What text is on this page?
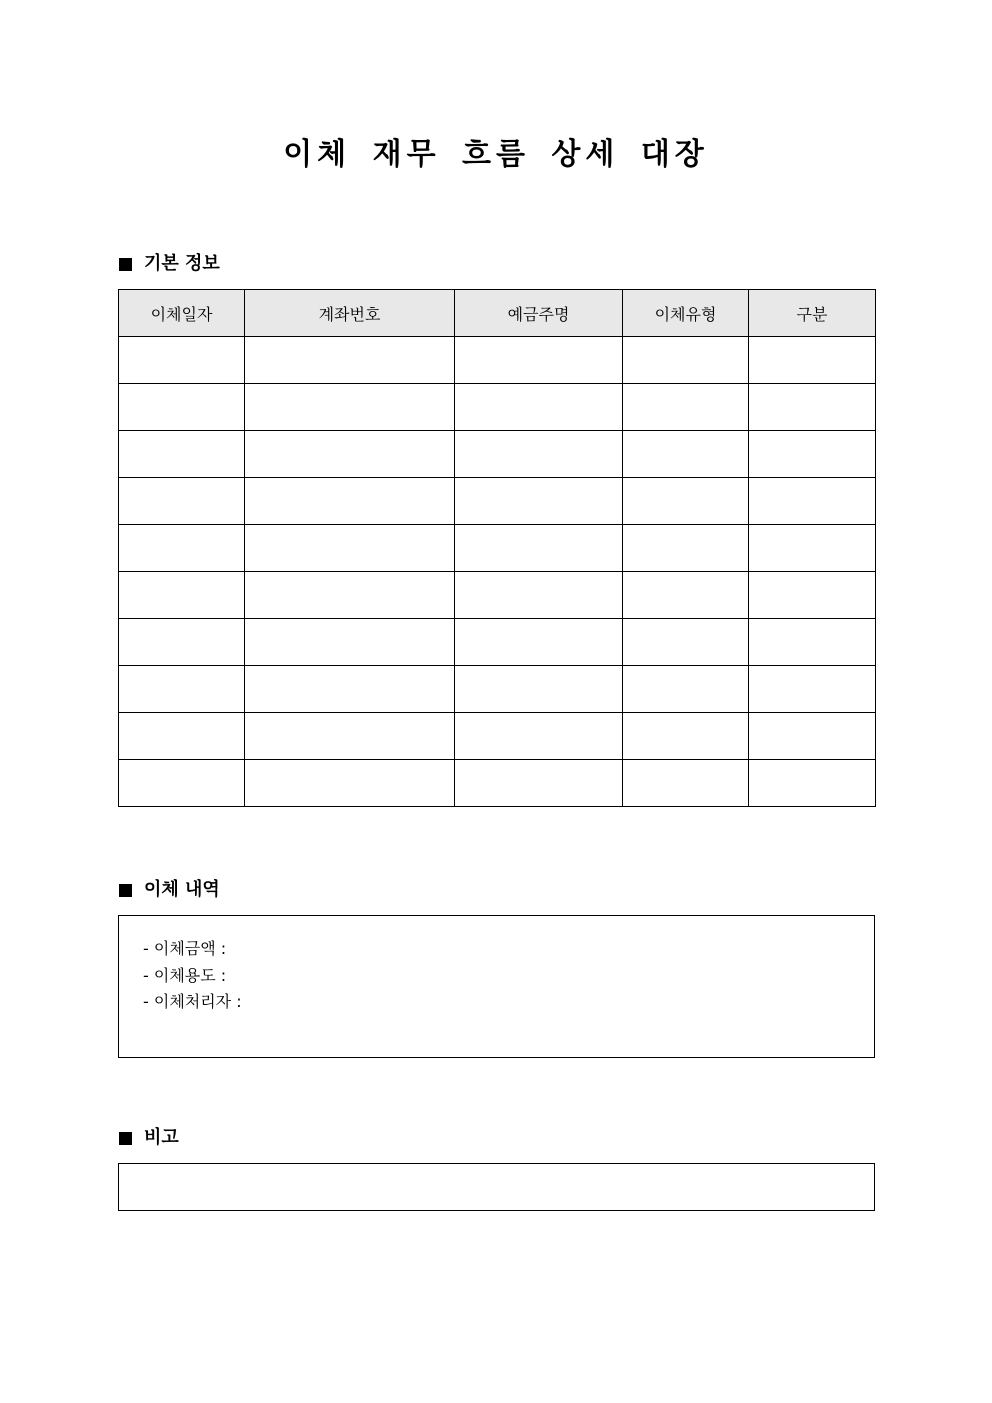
이체 재무 흐름 상세 대장
기본 정보
이체일자	계좌번호	예금주명	이체유형	구분

이체 내역
- 이체금액 :
- 이체용도 :
- 이체처리자 :
비고
